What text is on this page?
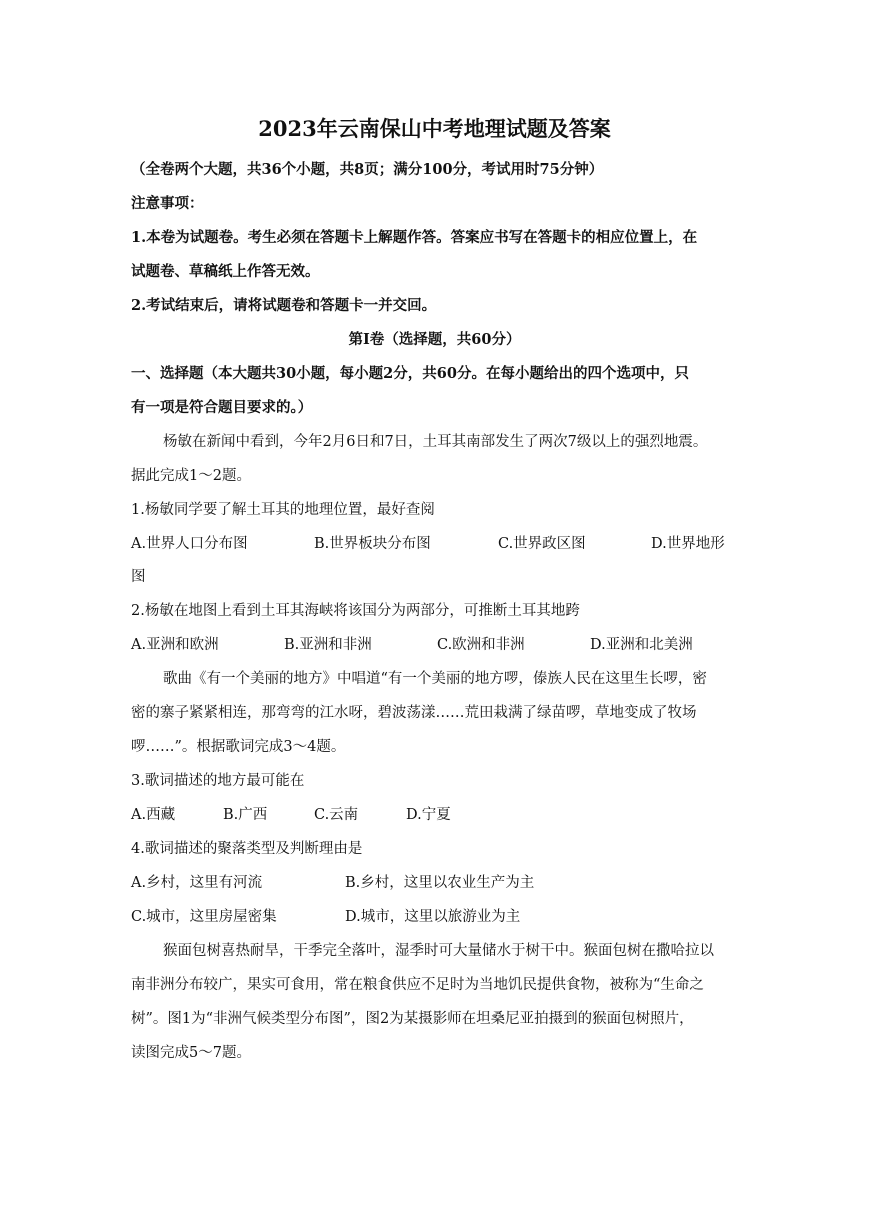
2023年云南保山中考地理试题及答案
（全卷两个大题，共36个小题，共8页；满分100分，考试用时75分钟）
注意事项：
1.本卷为试题卷。考生必须在答题卡上解题作答。答案应书写在答题卡的相应位置上，在
试题卷、草稿纸上作答无效。
2.考试结束后，请将试题卷和答题卡一并交回。
第Ⅰ卷（选择题，共60分）
一、选择题（本大题共30小题，每小题2分，共60分。在每小题给出的四个选项中，只
有一项是符合题目要求的。）
杨敏在新闻中看到，今年2月6日和7日，土耳其南部发生了两次7级以上的强烈地震。
据此完成1～2题。
1.杨敏同学要了解土耳其的地理位置，最好查阅
A.世界人口分布图	B.世界板块分布图	C.世界政区图	D.世界地形
图
2.杨敏在地图上看到土耳其海峡将该国分为两部分，可推断土耳其地跨
A.亚洲和欧洲	B.亚洲和非洲	C.欧洲和非洲	D.亚洲和北美洲
歌曲《有一个美丽的地方》中唱道“有一个美丽的地方啰，傣族人民在这里生长啰，密
密的寨子紧紧相连，那弯弯的江水呀，碧波荡漾……荒田栽满了绿苗啰，草地变成了牧场
啰……”。根据歌词完成3～4题。
3.歌词描述的地方最可能在
A.西藏	B.广西	C.云南	D.宁夏
4.歌词描述的聚落类型及判断理由是
A.乡村，这里有河流	B.乡村，这里以农业生产为主
C.城市，这里房屋密集	D.城市，这里以旅游业为主
猴面包树喜热耐旱，干季完全落叶，湿季时可大量储水于树干中。猴面包树在撒哈拉以
南非洲分布较广，果实可食用，常在粮食供应不足时为当地饥民提供食物，被称为“生命之
树”。图1为“非洲气候类型分布图”，图2为某摄影师在坦桑尼亚拍摄到的猴面包树照片，
读图完成5～7题。
